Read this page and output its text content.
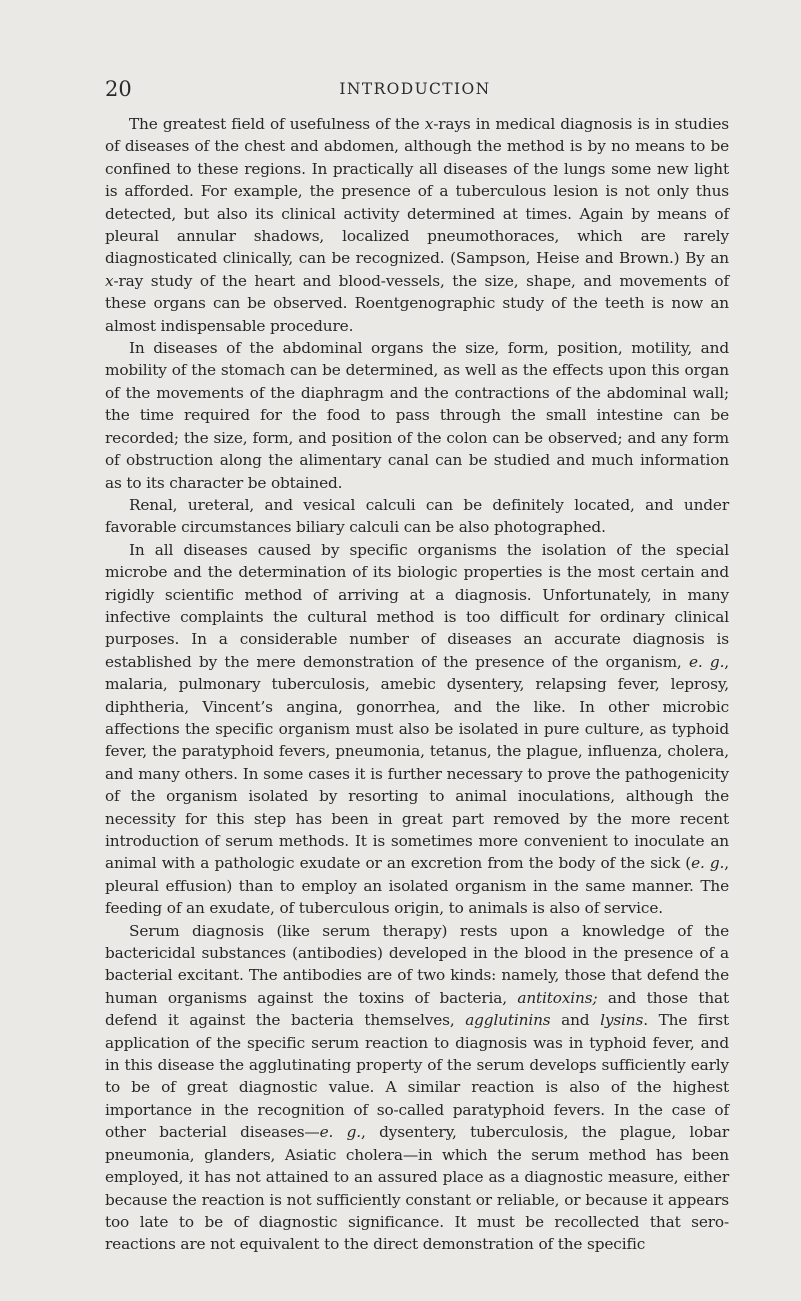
20	INTRODUCTION

The greatest field of usefulness of the x-rays in medical diagnosis is in studies of diseases of the chest and abdomen, although the method is by no means to be confined to these regions. In practically all diseases of the lungs some new light is afforded. For example, the presence of a tuberculous lesion is not only thus detected, but also its clinical activity determined at times. Again by means of pleural annular shadows, localized pneumothoraces, which are rarely diagnosticated clinically, can be recognized. (Sampson, Heise and Brown.) By an x-ray study of the heart and blood-vessels, the size, shape, and movements of these organs can be observed. Roentgenographic study of the teeth is now an almost indispensable procedure.

In diseases of the abdominal organs the size, form, position, motility, and mobility of the stomach can be determined, as well as the effects upon this organ of the movements of the diaphragm and the contractions of the abdominal wall; the time required for the food to pass through the small intestine can be recorded; the size, form, and position of the colon can be observed; and any form of obstruction along the alimentary canal can be studied and much information as to its character be obtained.

Renal, ureteral, and vesical calculi can be definitely located, and under favorable circumstances biliary calculi can be also photographed.

In all diseases caused by specific organisms the isolation of the special microbe and the determination of its biologic properties is the most certain and rigidly scientific method of arriving at a diagnosis. Unfortunately, in many infective complaints the cultural method is too difficult for ordinary clinical purposes. In a considerable number of diseases an accurate diagnosis is established by the mere demonstration of the presence of the organism, e. g., malaria, pulmonary tuberculosis, amebic dysentery, relapsing fever, leprosy, diphtheria, Vincent’s angina, gonorrhea, and the like. In other microbic affections the specific organism must also be isolated in pure culture, as typhoid fever, the paratyphoid fevers, pneumonia, tetanus, the plague, influenza, cholera, and many others. In some cases it is further necessary to prove the pathogenicity of the organism isolated by resorting to animal inoculations, although the necessity for this step has been in great part removed by the more recent introduction of serum methods. It is sometimes more convenient to inoculate an animal with a pathologic exudate or an excretion from the body of the sick (e. g., pleural effusion) than to employ an isolated organism in the same manner. The feeding of an exudate, of tuberculous origin, to animals is also of service.

Serum diagnosis (like serum therapy) rests upon a knowledge of the bactericidal substances (antibodies) developed in the blood in the presence of a bacterial excitant. The antibodies are of two kinds: namely, those that defend the human organisms against the toxins of bacteria, antitoxins; and those that defend it against the bacteria themselves, agglutinins and lysins. The first application of the specific serum reaction to diagnosis was in typhoid fever, and in this disease the agglutinating property of the serum develops sufficiently early to be of great diagnostic value. A similar reaction is also of the highest importance in the recognition of so-called paratyphoid fevers. In the case of other bacterial diseases—e. g., dysentery, tuberculosis, the plague, lobar pneumonia, glanders, Asiatic cholera—in which the serum method has been employed, it has not attained to an assured place as a diagnostic measure, either because the reaction is not sufficiently constant or reliable, or because it appears too late to be of diagnostic significance. It must be recollected that sero-reactions are not equivalent to the direct demonstration of the specific
